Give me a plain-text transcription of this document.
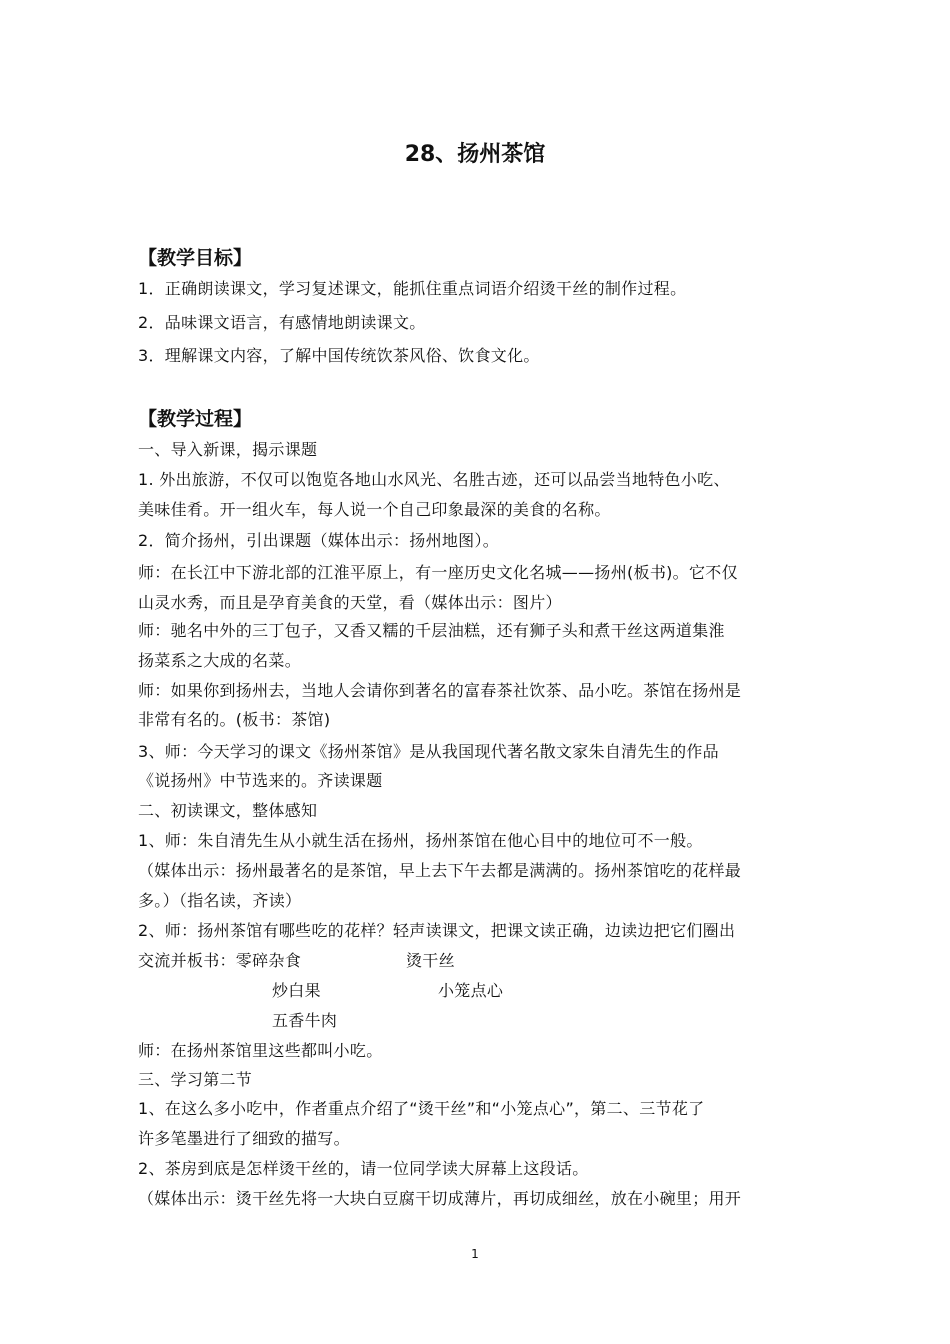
28、扬州茶馆
【教学目标】
1．正确朗读课文，学习复述课文，能抓住重点词语介绍烫干丝的制作过程。
2．品味课文语言，有感情地朗读课文。
3．理解课文内容，了解中国传统饮茶风俗、饮食文化。
【教学过程】
一、导入新课，揭示课题
1. 外出旅游，不仅可以饱览各地山水风光、名胜古迹，还可以品尝当地特色小吃、
美味佳肴。开一组火车，每人说一个自己印象最深的美食的名称。
2．简介扬州，引出课题（媒体出示：扬州地图）。
师：在长江中下游北部的江淮平原上，有一座历史文化名城——扬州(板书)。它不仅
山灵水秀，而且是孕育美食的天堂，看（媒体出示：图片）
师：驰名中外的三丁包子，又香又糯的千层油糕，还有狮子头和煮干丝这两道集淮
扬菜系之大成的名菜。
师：如果你到扬州去，当地人会请你到著名的富春茶社饮茶、品小吃。茶馆在扬州是
非常有名的。(板书：茶馆)
3、师：今天学习的课文《扬州茶馆》是从我国现代著名散文家朱自清先生的作品
《说扬州》中节选来的。齐读课题
二、初读课文，整体感知
1、师：朱自清先生从小就生活在扬州，扬州茶馆在他心目中的地位可不一般。
（媒体出示：扬州最著名的是茶馆，早上去下午去都是满满的。扬州茶馆吃的花样最
多。）（指名读，齐读）
2、师：扬州茶馆有哪些吃的花样？轻声读课文，把课文读正确，边读边把它们圈出
交流并板书：零碎杂食	烫干丝
炒白果	小笼点心
五香牛肉
师：在扬州茶馆里这些都叫小吃。
三、学习第二节
1、在这么多小吃中，作者重点介绍了“烫干丝”和“小笼点心”，第二、三节花了
许多笔墨进行了细致的描写。
2、茶房到底是怎样烫干丝的，请一位同学读大屏幕上这段话。
（媒体出示：烫干丝先将一大块白豆腐干切成薄片，再切成细丝，放在小碗里；用开
1
